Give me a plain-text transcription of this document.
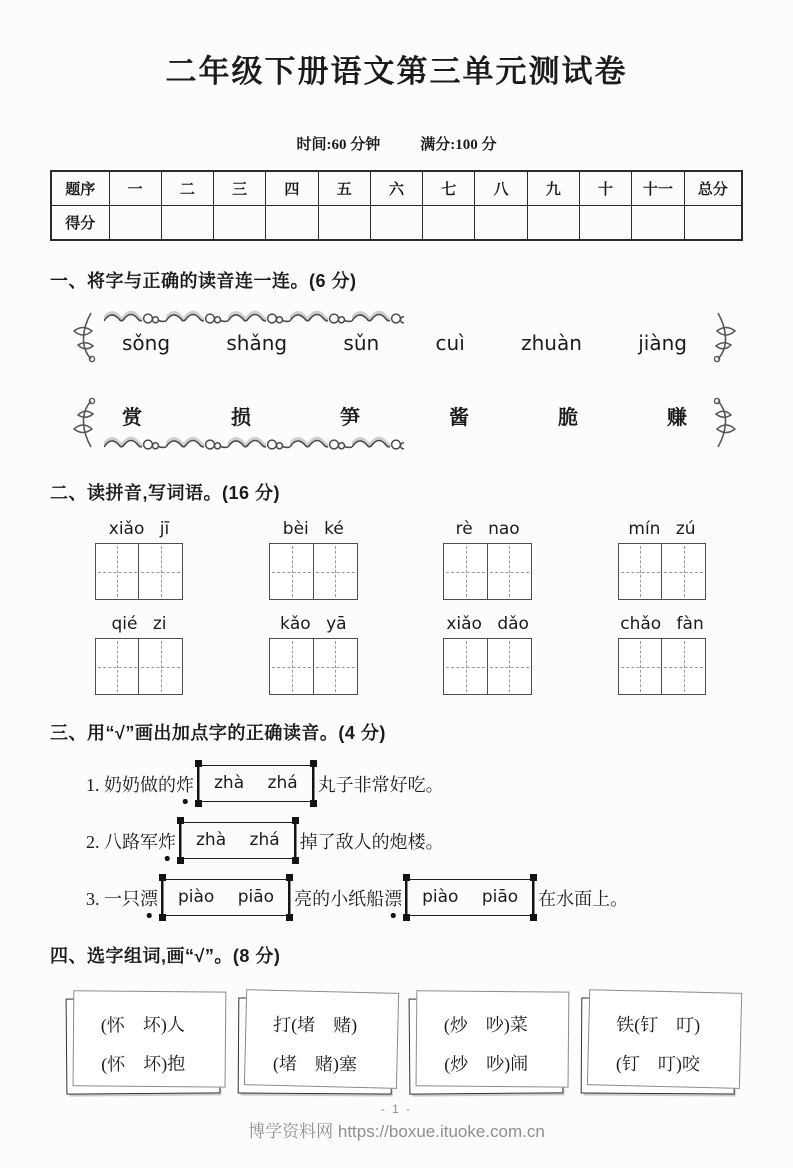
二年级下册语文第三单元测试卷
时间:60 分钟	满分:100 分
题序	一	二	三	四	五	六	七	八	九	十	十一	总分
得分												
一、将字与正确的读音连一连。(6 分)
sǒng	shǎng	sǔn	cuì	zhuàn	jiàng
赏	损	笋	酱	脆	赚
二、读拼音,写词语。(16 分)
xiǎo jī	bèi ké	rè nao	mín zú
qié zi	kǎo yā	xiǎo dǎo	chǎo fàn
三、用“√”画出加点字的正确读音。(4 分)
1. 奶奶做的 炸	zhà zhá	丸子非常好吃。
2. 八路军 炸	zhà zhá	掉了敌人的炮楼。
3. 一只 漂	piào piāo	亮的小纸船 漂	piào piāo	在水面上。
四、选字组词,画“√”。(8 分)
(怀　坏)人
(怀　坏)抱
打(堵　赌)
(堵　赌)塞
(炒　吵)菜
(炒　吵)闹
铁(钉　叮)
(钉　叮)咬
- 1 -
博学资料网 https://boxue.ituoke.com.cn
